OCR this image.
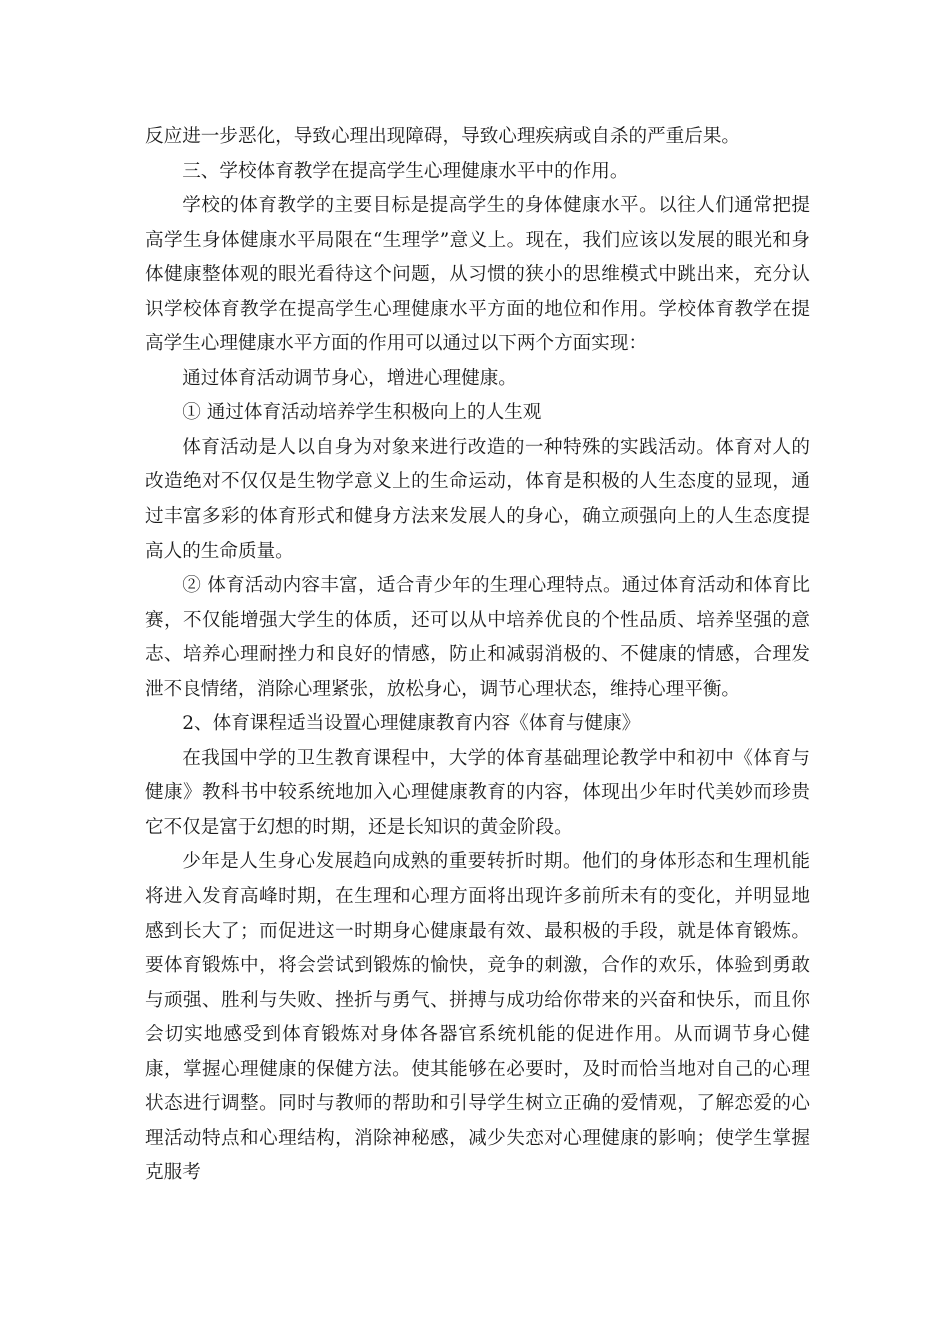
反应进一步恶化，导致心理出现障碍，导致心理疾病或自杀的严重后果。

三、学校体育教学在提高学生心理健康水平中的作用。

学校的体育教学的主要目标是提高学生的身体健康水平。以往人们通常把提高学生身体健康水平局限在“生理学”意义上。现在，我们应该以发展的眼光和身体健康整体观的眼光看待这个问题，从习惯的狭小的思维模式中跳出来，充分认识学校体育教学在提高学生心理健康水平方面的地位和作用。学校体育教学在提高学生心理健康水平方面的作用可以通过以下两个方面实现：

通过体育活动调节身心，增进心理健康。

① 通过体育活动培养学生积极向上的人生观

体育活动是人以自身为对象来进行改造的一种特殊的实践活动。体育对人的改造绝对不仅仅是生物学意义上的生命运动，体育是积极的人生态度的显现，通过丰富多彩的体育形式和健身方法来发展人的身心，确立顽强向上的人生态度提高人的生命质量。

② 体育活动内容丰富，适合青少年的生理心理特点。通过体育活动和体育比赛，不仅能增强大学生的体质，还可以从中培养优良的个性品质、培养坚强的意志、培养心理耐挫力和良好的情感，防止和减弱消极的、不健康的情感，合理发泄不良情绪，消除心理紧张，放松身心，调节心理状态，维持心理平衡。

2、体育课程适当设置心理健康教育内容《体育与健康》

在我国中学的卫生教育课程中，大学的体育基础理论教学中和初中《体育与健康》教科书中较系统地加入心理健康教育的内容，体现出少年时代美妙而珍贵它不仅是富于幻想的时期，还是长知识的黄金阶段。

少年是人生身心发展趋向成熟的重要转折时期。他们的身体形态和生理机能将进入发育高峰时期，在生理和心理方面将出现许多前所未有的变化，并明显地感到长大了；而促进这一时期身心健康最有效、最积极的手段，就是体育锻炼。要体育锻炼中，将会尝试到锻炼的愉快，竞争的刺激，合作的欢乐，体验到勇敢与顽强、胜利与失败、挫折与勇气、拼搏与成功给你带来的兴奋和快乐，而且你会切实地感受到体育锻炼对身体各器官系统机能的促进作用。从而调节身心健康，掌握心理健康的保健方法。使其能够在必要时，及时而恰当地对自己的心理状态进行调整。同时与教师的帮助和引导学生树立正确的爱情观，了解恋爱的心理活动特点和心理结构，消除神秘感，减少失恋对心理健康的影响；使学生掌握克服考
